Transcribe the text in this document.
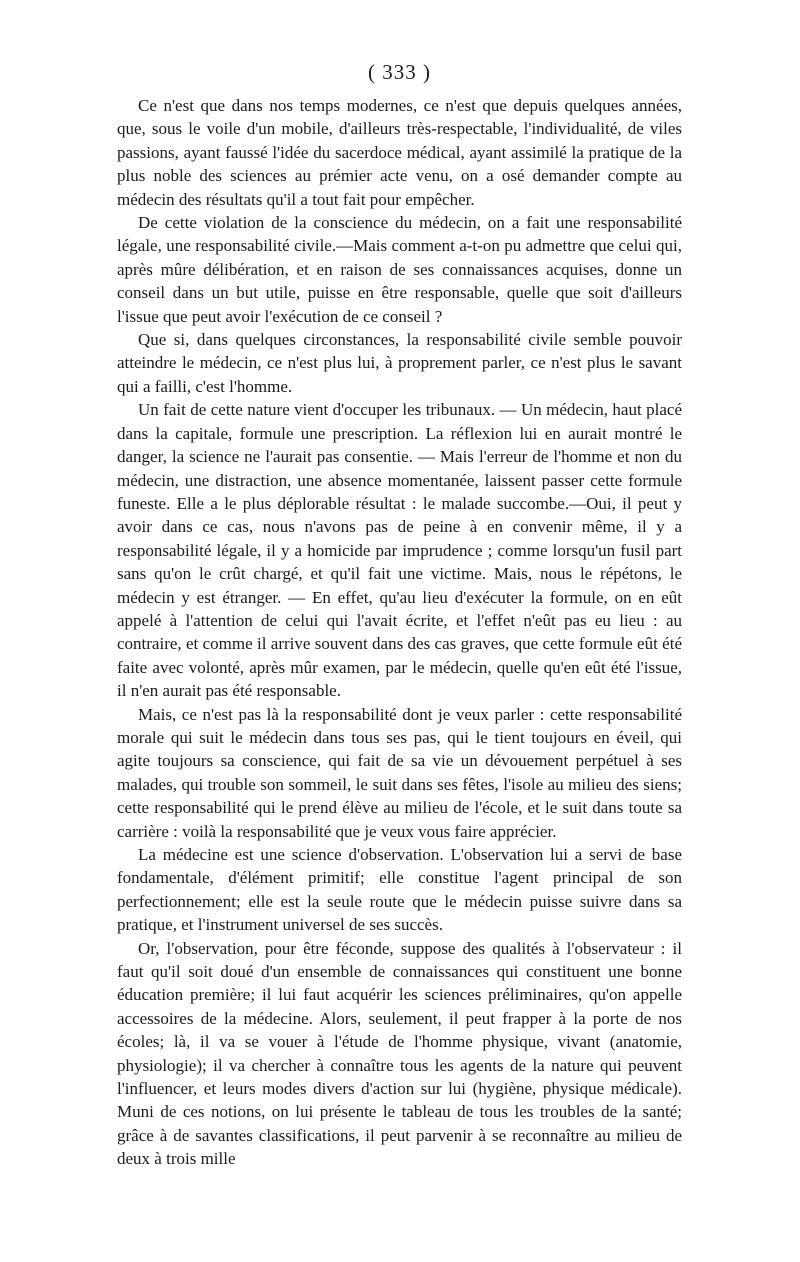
( 333 )

Ce n'est que dans nos temps modernes, ce n'est que depuis quelques années, que, sous le voile d'un mobile, d'ailleurs très-respectable, l'individualité, de viles passions, ayant faussé l'idée du sacerdoce médical, ayant assimilé la pratique de la plus noble des sciences au prémier acte venu, on a osé demander compte au médecin des résultats qu'il a tout fait pour empêcher.

De cette violation de la conscience du médecin, on a fait une responsabilité légale, une responsabilité civile.—Mais comment a-t-on pu admettre que celui qui, après mûre délibération, et en raison de ses connaissances acquises, donne un conseil dans un but utile, puisse en être responsable, quelle que soit d'ailleurs l'issue que peut avoir l'exécution de ce conseil ?

Que si, dans quelques circonstances, la responsabilité civile semble pouvoir atteindre le médecin, ce n'est plus lui, à proprement parler, ce n'est plus le savant qui a failli, c'est l'homme.

Un fait de cette nature vient d'occuper les tribunaux. — Un médecin, haut placé dans la capitale, formule une prescription. La réflexion lui en aurait montré le danger, la science ne l'aurait pas consentie. — Mais l'erreur de l'homme et non du médecin, une distraction, une absence momentanée, laissent passer cette formule funeste. Elle a le plus déplorable résultat : le malade succombe.—Oui, il peut y avoir dans ce cas, nous n'avons pas de peine à en convenir même, il y a responsabilité légale, il y a homicide par imprudence ; comme lorsqu'un fusil part sans qu'on le crût chargé, et qu'il fait une victime. Mais, nous le répétons, le médecin y est étranger. — En effet, qu'au lieu d'exécuter la formule, on en eût appelé à l'attention de celui qui l'avait écrite, et l'effet n'eût pas eu lieu : au contraire, et comme il arrive souvent dans des cas graves, que cette formule eût été faite avec volonté, après mûr examen, par le médecin, quelle qu'en eût été l'issue, il n'en aurait pas été responsable.

Mais, ce n'est pas là la responsabilité dont je veux parler : cette responsabilité morale qui suit le médecin dans tous ses pas, qui le tient toujours en éveil, qui agite toujours sa conscience, qui fait de sa vie un dévouement perpétuel à ses malades, qui trouble son sommeil, le suit dans ses fêtes, l'isole au milieu des siens; cette responsabilité qui le prend élève au milieu de l'école, et le suit dans toute sa carrière : voilà la responsabilité que je veux vous faire apprécier.

La médecine est une science d'observation. L'observation lui a servi de base fondamentale, d'élément primitif; elle constitue l'agent principal de son perfectionnement; elle est la seule route que le médecin puisse suivre dans sa pratique, et l'instrument universel de ses succès.

Or, l'observation, pour être féconde, suppose des qualités à l'observateur : il faut qu'il soit doué d'un ensemble de connaissances qui constituent une bonne éducation première; il lui faut acquérir les sciences préliminaires, qu'on appelle accessoires de la médecine. Alors, seulement, il peut frapper à la porte de nos écoles; là, il va se vouer à l'étude de l'homme physique, vivant (anatomie, physiologie); il va chercher à connaître tous les agents de la nature qui peuvent l'influencer, et leurs modes divers d'action sur lui (hygiène, physique médicale). Muni de ces notions, on lui présente le tableau de tous les troubles de la santé; grâce à de savantes classifications, il peut parvenir à se reconnaître au milieu de deux à trois mille
